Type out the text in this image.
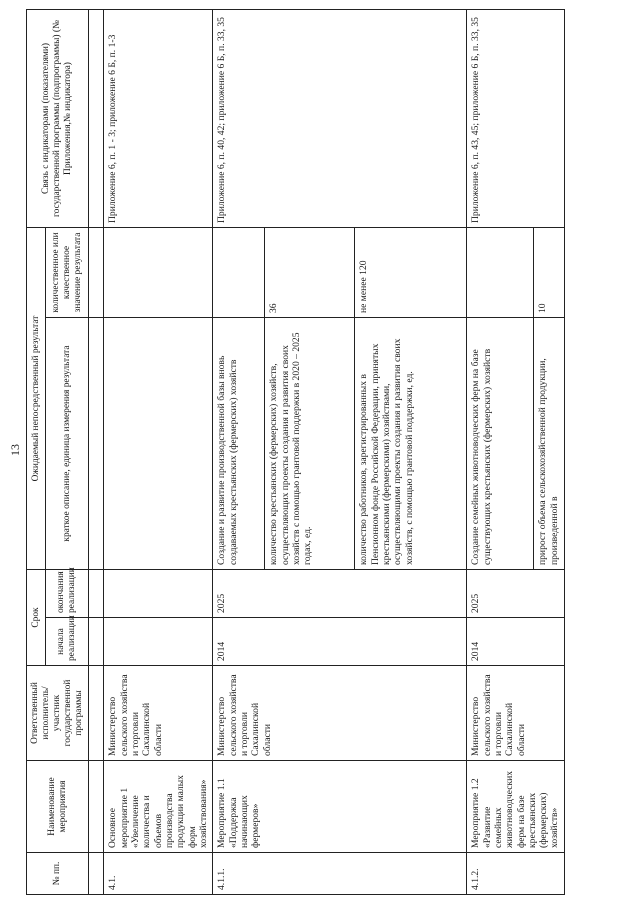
13
№ пп.	Наименование мероприятия	Ответственный исполнитель/участник государственной программы	Срок		Ожидаемый непосредственный результат		Связь с индикаторами (показателями) государственной программы (подпрограммы) (№ Приложения,№ индикатора)
			начала реализации	окончания реализации	краткое описание, единица измерения результата	количественное или качественное значение результата	

4.1.	Основное мероприятие 1 «Увеличение количества и объемов производства продукции малых форм хозяйствования»	Министерство сельского хозяйства и торговли Сахалинской области					Приложение 6, п. 1 - 3; приложение 6 Б, п. 1-3
4.1.1.	Мероприятие 1.1 «Поддержка начинающих фермеров»	Министерство сельского хозяйства и торговли Сахалинской области	2014	2025	Создание и развитие производственной базы вновь создаваемых крестьянских (фермерских) хозяйств		Приложение 6, п. 40, 42; приложение 6 Б, п. 33, 35
					количество крестьянских (фермерских) хозяйств, осуществляющих проекты создания и развития своих хозяйств с помощью грантовой поддержки в 2020 – 2025 годах, ед.	36	
					количество работников, зарегистрированных в Пенсионном фонде Российской Федерации, принятых крестьянскими (фермерскими) хозяйствами, осуществляющими проекты создания и развития своих хозяйств, с помощью грантовой поддержки, ед.	не менее 120	
4.1.2.	Мероприятие 1.2 «Развитие семейных животноводческих ферм на базе крестьянских (фермерских) хозяйств»	Министерство сельского хозяйства и торговли Сахалинской области	2014	2025	Создание семейных животноводческих ферм на базе существующих крестьянских (фермерских) хозяйств		Приложение 6, п. 43, 45; приложение 6 Б, п. 33, 35
					прирост объема сельскохозяйственной продукции, произведенной в	10	
